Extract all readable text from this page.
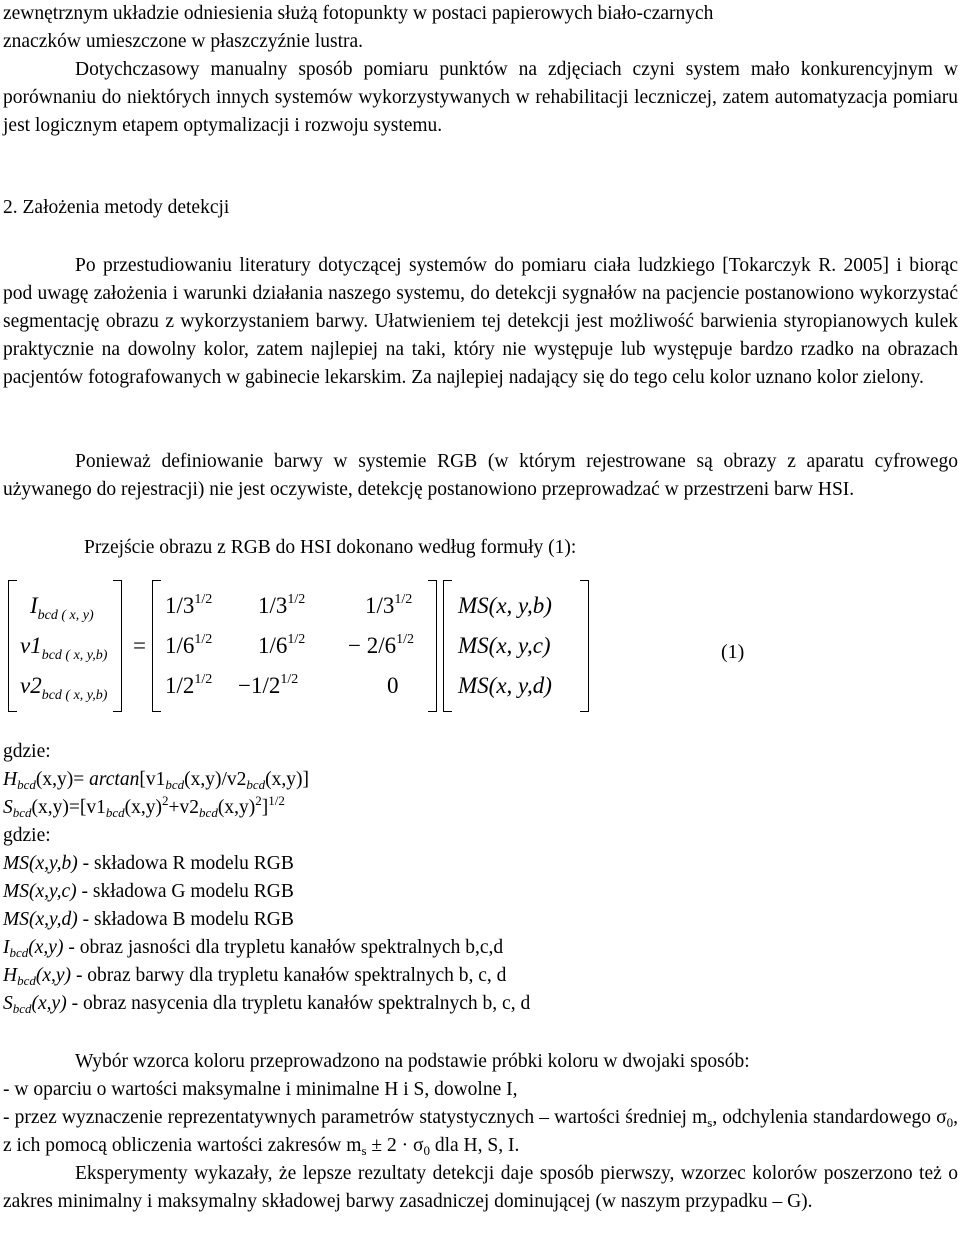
zewnętrznym układzie odniesienia służą fotopunkty w postaci papierowych biało-czarnych

znaczków umieszczone w płaszczyźnie lustra.

Dotychczasowy manualny sposób pomiaru punktów na zdjęciach czyni system mało konkurencyjnym w porównaniu do niektórych innych systemów wykorzystywanych w rehabilitacji leczniczej, zatem automatyzacja pomiaru jest logicznym etapem optymalizacji i rozwoju systemu.

2. Założenia metody detekcji

Po przestudiowaniu literatury dotyczącej systemów do pomiaru ciała ludzkiego [Tokarczyk R. 2005] i biorąc pod uwagę założenia i warunki działania naszego systemu, do detekcji sygnałów na pacjencie postanowiono wykorzystać segmentację obrazu z wykorzystaniem barwy. Ułatwieniem tej detekcji jest możliwość barwienia styropianowych kulek praktycznie na dowolny kolor, zatem najlepiej na taki, który nie występuje lub występuje bardzo rzadko na obrazach pacjentów fotografowanych w gabinecie lekarskim. Za najlepiej nadający się do tego celu kolor uznano kolor zielony.

Ponieważ definiowanie barwy w systemie RGB (w którym rejestrowane są obrazy z aparatu cyfrowego używanego do rejestracji) nie jest oczywiste, detekcję postanowiono przeprowadzać w przestrzeni barw HSI.

Przejście obrazu z RGB do HSI dokonano według formuły (1):

$I_{bcd ( x, y)}$
$v1_{bcd ( x, y,b)}$
$v2_{bcd ( x, y,b)}$
=
$1/3^{1/2}$ $1/3^{1/2}$	$1/3^{1/2}$
$1/6^{1/2}$ $1/6^{1/2} - 2/6^{1/2}$
$1/2^{1/2} -1/2^{1/2}$	0
MS(x, y,b)
MS(x, y,c)
MS(x, y,d)
(1)

gdzie:

$H_{bcd}(x,y)= \arctan[v1_{bcd}(x,y)/v2_{bcd}(x,y)]$

$S_{bcd}(x,y)=[v1_{bcd}(x,y)^2+v2_{bcd}(x,y)^2]^{1/2}$

gdzie:

MS(x,y,b) - składowa R modelu RGB

MS(x,y,c) - składowa G modelu RGB

MS(x,y,d) - składowa B modelu RGB

$I_{bcd}(x,y)$ - obraz jasności dla trypletu kanałów spektralnych b,c,d

$H_{bcd}(x,y)$ - obraz barwy dla trypletu kanałów spektralnych b, c, d

$S_{bcd}(x,y)$ - obraz nasycenia dla trypletu kanałów spektralnych b, c, d

Wybór wzorca koloru przeprowadzono na podstawie próbki koloru w dwojaki sposób:

- w oparciu o wartości maksymalne i minimalne H i S, dowolne I,

- przez wyznaczenie reprezentatywnych parametrów statystycznych – wartości średniej $m_s$, odchylenia standardowego $\sigma_0$, z ich pomocą obliczenia wartości zakresów $m_s \pm 2 \cdot \sigma_0$ dla H, S, I.

Eksperymenty wykazały, że lepsze rezultaty detekcji daje sposób pierwszy, wzorzec kolorów poszerzono też o zakres minimalny i maksymalny składowej barwy zasadniczej dominującej (w naszym przypadku – G).
